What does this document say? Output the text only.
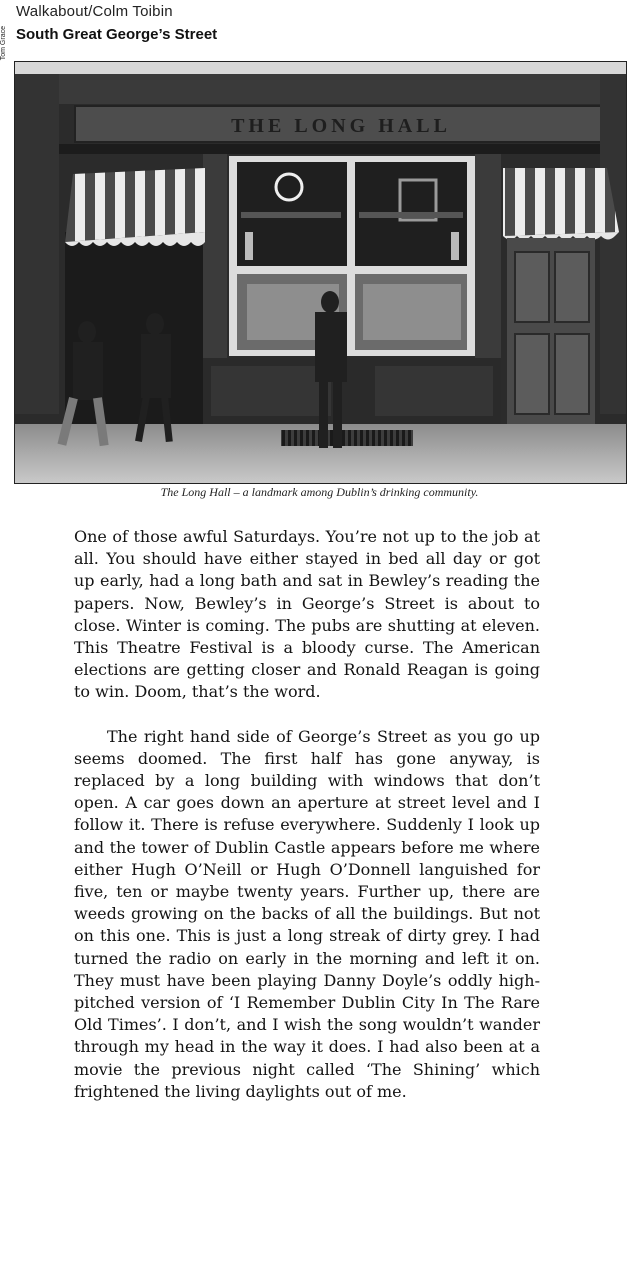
Walkabout/Colm Toibin
South Great George’s Street
Tom Grace
THE LONG HALL
The Long Hall – a landmark among Dublin’s drinking community.

One of those awful Saturdays. You’re not up to the job at all. You should have either stayed in bed all day or got up early, had a long bath and sat in Bewley’s reading the papers. Now, Bewley’s in George’s Street is about to close. Winter is coming. The pubs are shutting at eleven. This Theatre Festival is a bloody curse. The American elections are getting closer and Ronald Reagan is going to win. Doom, that’s the word.

The right hand side of George’s Street as you go up seems doomed. The first half has gone anyway, is replaced by a long building with windows that don’t open. A car goes down an aperture at street level and I follow it. There is refuse everywhere. Suddenly I look up and the tower of Dublin Castle appears before me where either Hugh O’Neill or Hugh O’Donnell languished for five, ten or maybe twenty years. Further up, there are weeds growing on the backs of all the buildings. But not on this one. This is just a long streak of dirty grey. I had turned the radio on early in the morning and left it on. They must have been playing Danny Doyle’s oddly high-pitched version of ‘I Remember Dublin City In The Rare Old Times’. I don’t, and I wish the song wouldn’t wander through my head in the way it does. I had also been at a movie the previous night called ‘The Shining’ which frightened the living daylights out of me.
